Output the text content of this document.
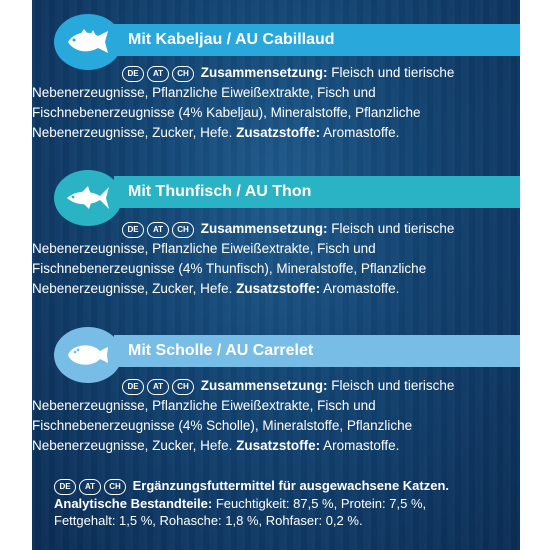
Mit Kabeljau / AU Cabillaud
DE AT CH Zusammensetzung: Fleisch und tierische
Nebenerzeugnisse, Pflanzliche Eiweißextrakte, Fisch und
Fischnebenerzeugnisse (4% Kabeljau), Mineralstoffe, Pflanzliche
Nebenerzeugnisse, Zucker, Hefe. Zusatzstoffe: Aromastoffe.
Mit Thunfisch / AU Thon
DE AT CH Zusammensetzung: Fleisch und tierische
Nebenerzeugnisse, Pflanzliche Eiweißextrakte, Fisch und
Fischnebenerzeugnisse (4% Thunfisch), Mineralstoffe, Pflanzliche
Nebenerzeugnisse, Zucker, Hefe. Zusatzstoffe: Aromastoffe.
Mit Scholle / AU Carrelet
DE AT CH Zusammensetzung: Fleisch und tierische
Nebenerzeugnisse, Pflanzliche Eiweißextrakte, Fisch und
Fischnebenerzeugnisse (4% Scholle), Mineralstoffe, Pflanzliche
Nebenerzeugnisse, Zucker, Hefe. Zusatzstoffe: Aromastoffe.
DE AT CH Ergänzungsfuttermittel für ausgewachsene Katzen.
Analytische Bestandteile: Feuchtigkeit: 87,5 %, Protein: 7,5 %,
Fettgehalt: 1,5 %, Rohasche: 1,8 %, Rohfaser: 0,2 %.
